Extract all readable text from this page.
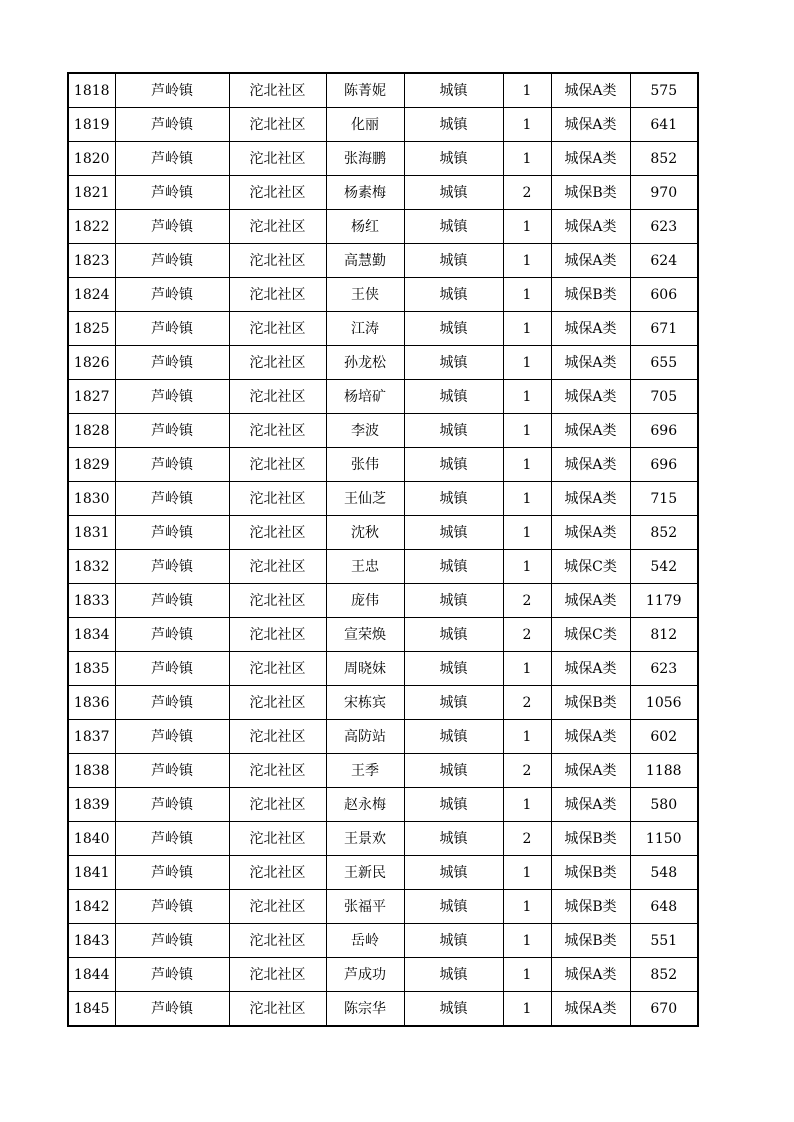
1818	芦岭镇	沱北社区	陈菁妮	城镇	1	城保A类	575
1819	芦岭镇	沱北社区	化丽	城镇	1	城保A类	641
1820	芦岭镇	沱北社区	张海鹏	城镇	1	城保A类	852
1821	芦岭镇	沱北社区	杨素梅	城镇	2	城保B类	970
1822	芦岭镇	沱北社区	杨红	城镇	1	城保A类	623
1823	芦岭镇	沱北社区	高慧勤	城镇	1	城保A类	624
1824	芦岭镇	沱北社区	王侠	城镇	1	城保B类	606
1825	芦岭镇	沱北社区	江涛	城镇	1	城保A类	671
1826	芦岭镇	沱北社区	孙龙松	城镇	1	城保A类	655
1827	芦岭镇	沱北社区	杨培矿	城镇	1	城保A类	705
1828	芦岭镇	沱北社区	李波	城镇	1	城保A类	696
1829	芦岭镇	沱北社区	张伟	城镇	1	城保A类	696
1830	芦岭镇	沱北社区	王仙芝	城镇	1	城保A类	715
1831	芦岭镇	沱北社区	沈秋	城镇	1	城保A类	852
1832	芦岭镇	沱北社区	王忠	城镇	1	城保C类	542
1833	芦岭镇	沱北社区	庞伟	城镇	2	城保A类	1179
1834	芦岭镇	沱北社区	宣荣焕	城镇	2	城保C类	812
1835	芦岭镇	沱北社区	周晓妹	城镇	1	城保A类	623
1836	芦岭镇	沱北社区	宋栋宾	城镇	2	城保B类	1056
1837	芦岭镇	沱北社区	高防站	城镇	1	城保A类	602
1838	芦岭镇	沱北社区	王季	城镇	2	城保A类	1188
1839	芦岭镇	沱北社区	赵永梅	城镇	1	城保A类	580
1840	芦岭镇	沱北社区	王景欢	城镇	2	城保B类	1150
1841	芦岭镇	沱北社区	王新民	城镇	1	城保B类	548
1842	芦岭镇	沱北社区	张福平	城镇	1	城保B类	648
1843	芦岭镇	沱北社区	岳岭	城镇	1	城保B类	551
1844	芦岭镇	沱北社区	芦成功	城镇	1	城保A类	852
1845	芦岭镇	沱北社区	陈宗华	城镇	1	城保A类	670
